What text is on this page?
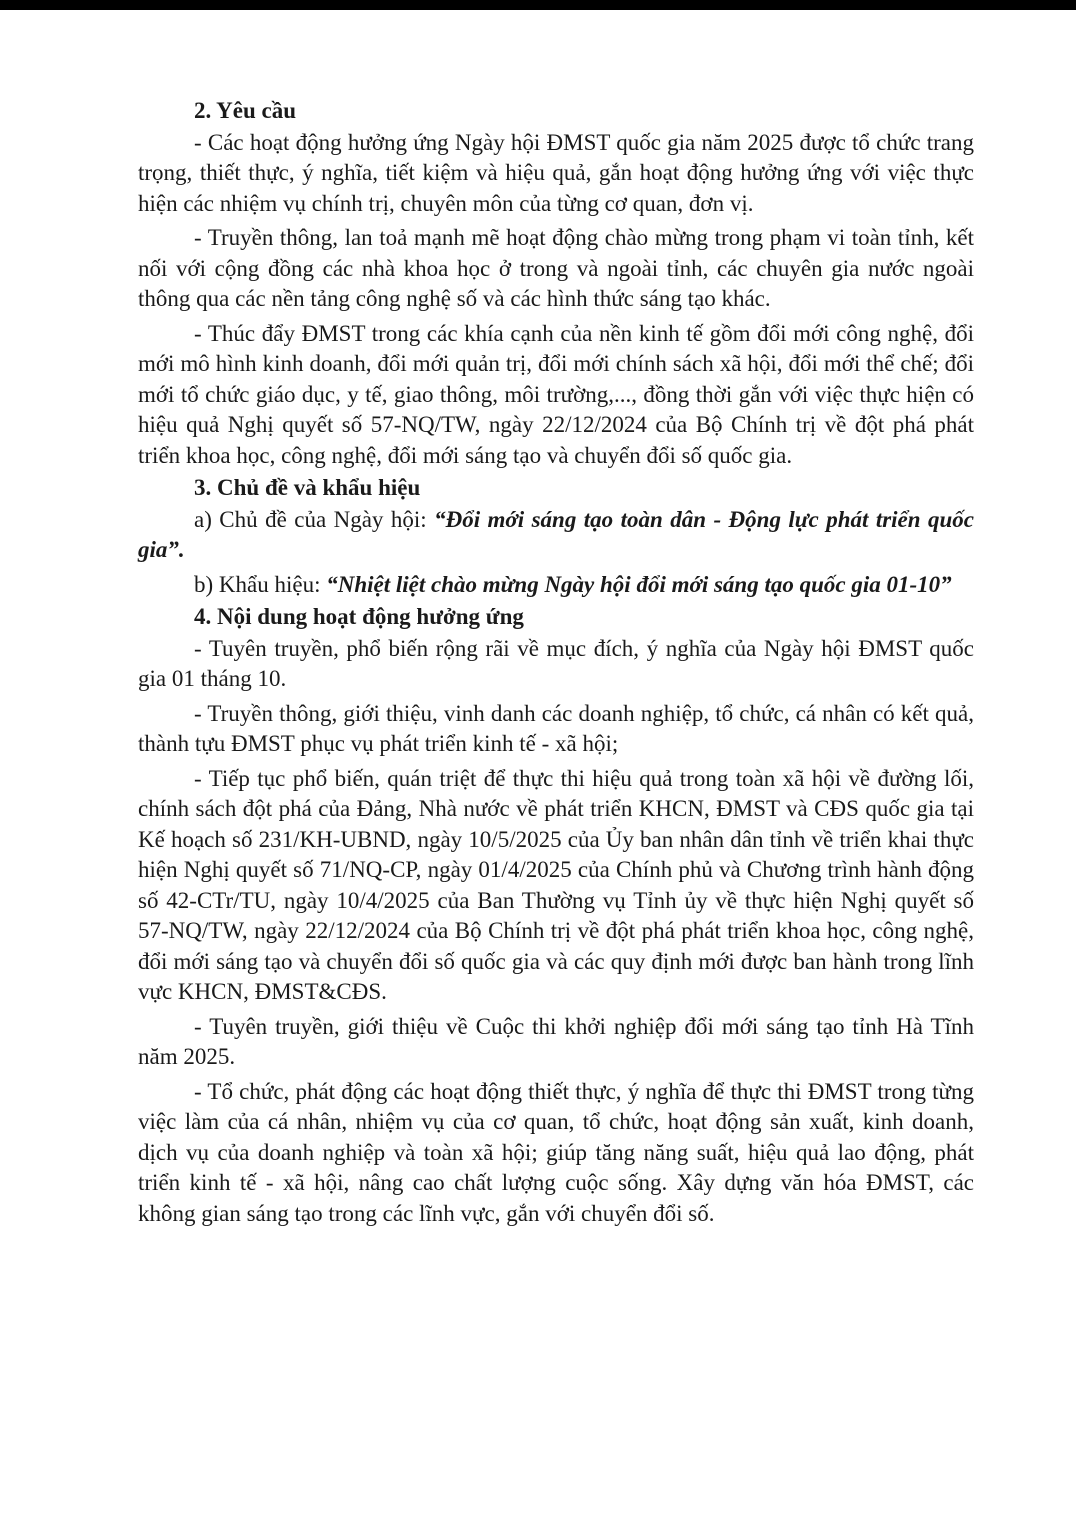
2. Yêu cầu
- Các hoạt động hưởng ứng Ngày hội ĐMST quốc gia năm 2025 được tổ chức trang trọng, thiết thực, ý nghĩa, tiết kiệm và hiệu quả, gắn hoạt động hưởng ứng với việc thực hiện các nhiệm vụ chính trị, chuyên môn của từng cơ quan, đơn vị.
- Truyền thông, lan toả mạnh mẽ hoạt động chào mừng trong phạm vi toàn tỉnh, kết nối với cộng đồng các nhà khoa học ở trong và ngoài tỉnh, các chuyên gia nước ngoài thông qua các nền tảng công nghệ số và các hình thức sáng tạo khác.
- Thúc đẩy ĐMST trong các khía cạnh của nền kinh tế gồm đổi mới công nghệ, đổi mới mô hình kinh doanh, đổi mới quản trị, đổi mới chính sách xã hội, đổi mới thể chế; đổi mới tổ chức giáo dục, y tế, giao thông, môi trường,..., đồng thời gắn với việc thực hiện có hiệu quả Nghị quyết số 57-NQ/TW, ngày 22/12/2024 của Bộ Chính trị về đột phá phát triển khoa học, công nghệ, đổi mới sáng tạo và chuyển đổi số quốc gia.
3. Chủ đề và khẩu hiệu
a) Chủ đề của Ngày hội: “Đổi mới sáng tạo toàn dân - Động lực phát triển quốc gia”.
b) Khẩu hiệu: “Nhiệt liệt chào mừng Ngày hội đổi mới sáng tạo quốc gia 01-10”
4. Nội dung hoạt động hưởng ứng
- Tuyên truyền, phổ biến rộng rãi về mục đích, ý nghĩa của Ngày hội ĐMST quốc gia 01 tháng 10.
- Truyền thông, giới thiệu, vinh danh các doanh nghiệp, tổ chức, cá nhân có kết quả, thành tựu ĐMST phục vụ phát triển kinh tế - xã hội;
- Tiếp tục phổ biến, quán triệt để thực thi hiệu quả trong toàn xã hội về đường lối, chính sách đột phá của Đảng, Nhà nước về phát triển KHCN, ĐMST và CĐS quốc gia tại Kế hoạch số 231/KH-UBND, ngày 10/5/2025 của Ủy ban nhân dân tỉnh về triển khai thực hiện Nghị quyết số 71/NQ-CP, ngày 01/4/2025 của Chính phủ và Chương trình hành động số 42-CTr/TU, ngày 10/4/2025 của Ban Thường vụ Tỉnh ủy về thực hiện Nghị quyết số 57-NQ/TW, ngày 22/12/2024 của Bộ Chính trị về đột phá phát triển khoa học, công nghệ, đổi mới sáng tạo và chuyển đổi số quốc gia và các quy định mới được ban hành trong lĩnh vực KHCN, ĐMST&CĐS.
- Tuyên truyền, giới thiệu về Cuộc thi khởi nghiệp đổi mới sáng tạo tỉnh Hà Tĩnh năm 2025.
- Tổ chức, phát động các hoạt động thiết thực, ý nghĩa để thực thi ĐMST trong từng việc làm của cá nhân, nhiệm vụ của cơ quan, tổ chức, hoạt động sản xuất, kinh doanh, dịch vụ của doanh nghiệp và toàn xã hội; giúp tăng năng suất, hiệu quả lao động, phát triển kinh tế - xã hội, nâng cao chất lượng cuộc sống. Xây dựng văn hóa ĐMST, các không gian sáng tạo trong các lĩnh vực, gắn với chuyển đổi số.
